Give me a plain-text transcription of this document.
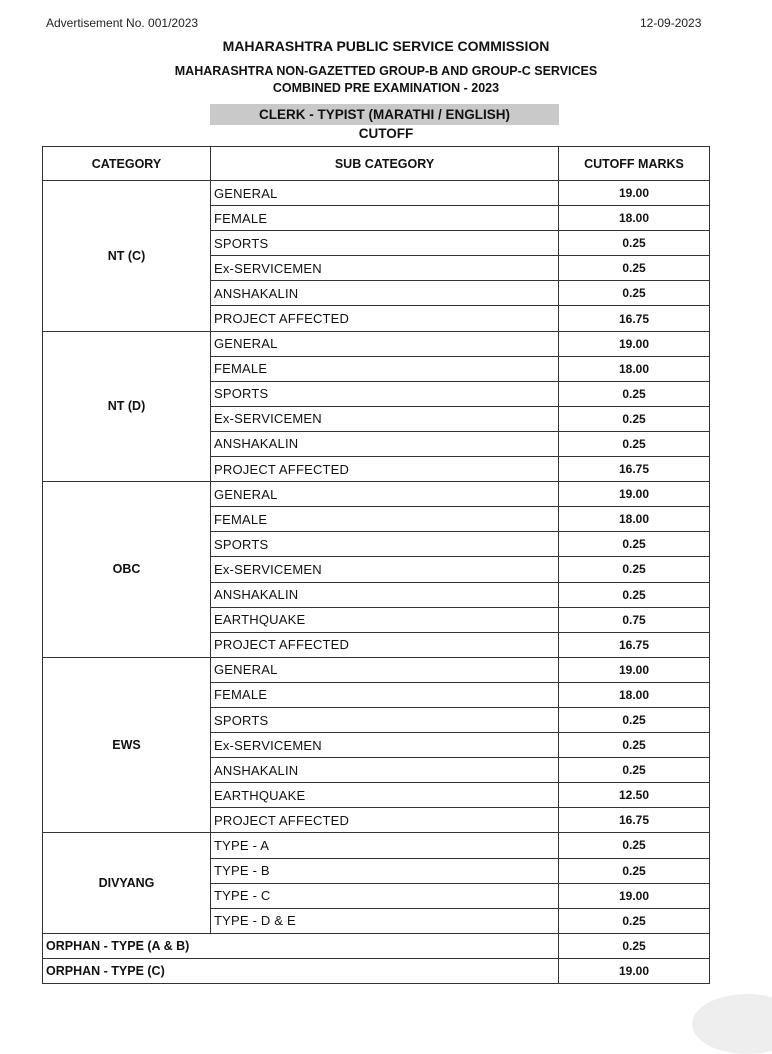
Advertisement No. 001/2023	12-09-2023
MAHARASHTRA PUBLIC SERVICE COMMISSION
MAHARASHTRA NON-GAZETTED GROUP-B AND GROUP-C SERVICES
COMBINED PRE EXAMINATION - 2023
CLERK - TYPIST (MARATHI / ENGLISH)
CUTOFF
CATEGORY	SUB CATEGORY	CUTOFF MARKS
NT (C)	GENERAL	19.00
	FEMALE	18.00
	SPORTS	0.25
	Ex-SERVICEMEN	0.25
	ANSHAKALIN	0.25
	PROJECT AFFECTED	16.75
NT (D)	GENERAL	19.00
	FEMALE	18.00
	SPORTS	0.25
	Ex-SERVICEMEN	0.25
	ANSHAKALIN	0.25
	PROJECT AFFECTED	16.75
OBC	GENERAL	19.00
	FEMALE	18.00
	SPORTS	0.25
	Ex-SERVICEMEN	0.25
	ANSHAKALIN	0.25
	EARTHQUAKE	0.75
	PROJECT AFFECTED	16.75
EWS	GENERAL	19.00
	FEMALE	18.00
	SPORTS	0.25
	Ex-SERVICEMEN	0.25
	ANSHAKALIN	0.25
	EARTHQUAKE	12.50
	PROJECT AFFECTED	16.75
DIVYANG	TYPE - A	0.25
	TYPE - B	0.25
	TYPE - C	19.00
	TYPE - D & E	0.25
ORPHAN - TYPE (A & B)		0.25
ORPHAN - TYPE (C)		19.00
